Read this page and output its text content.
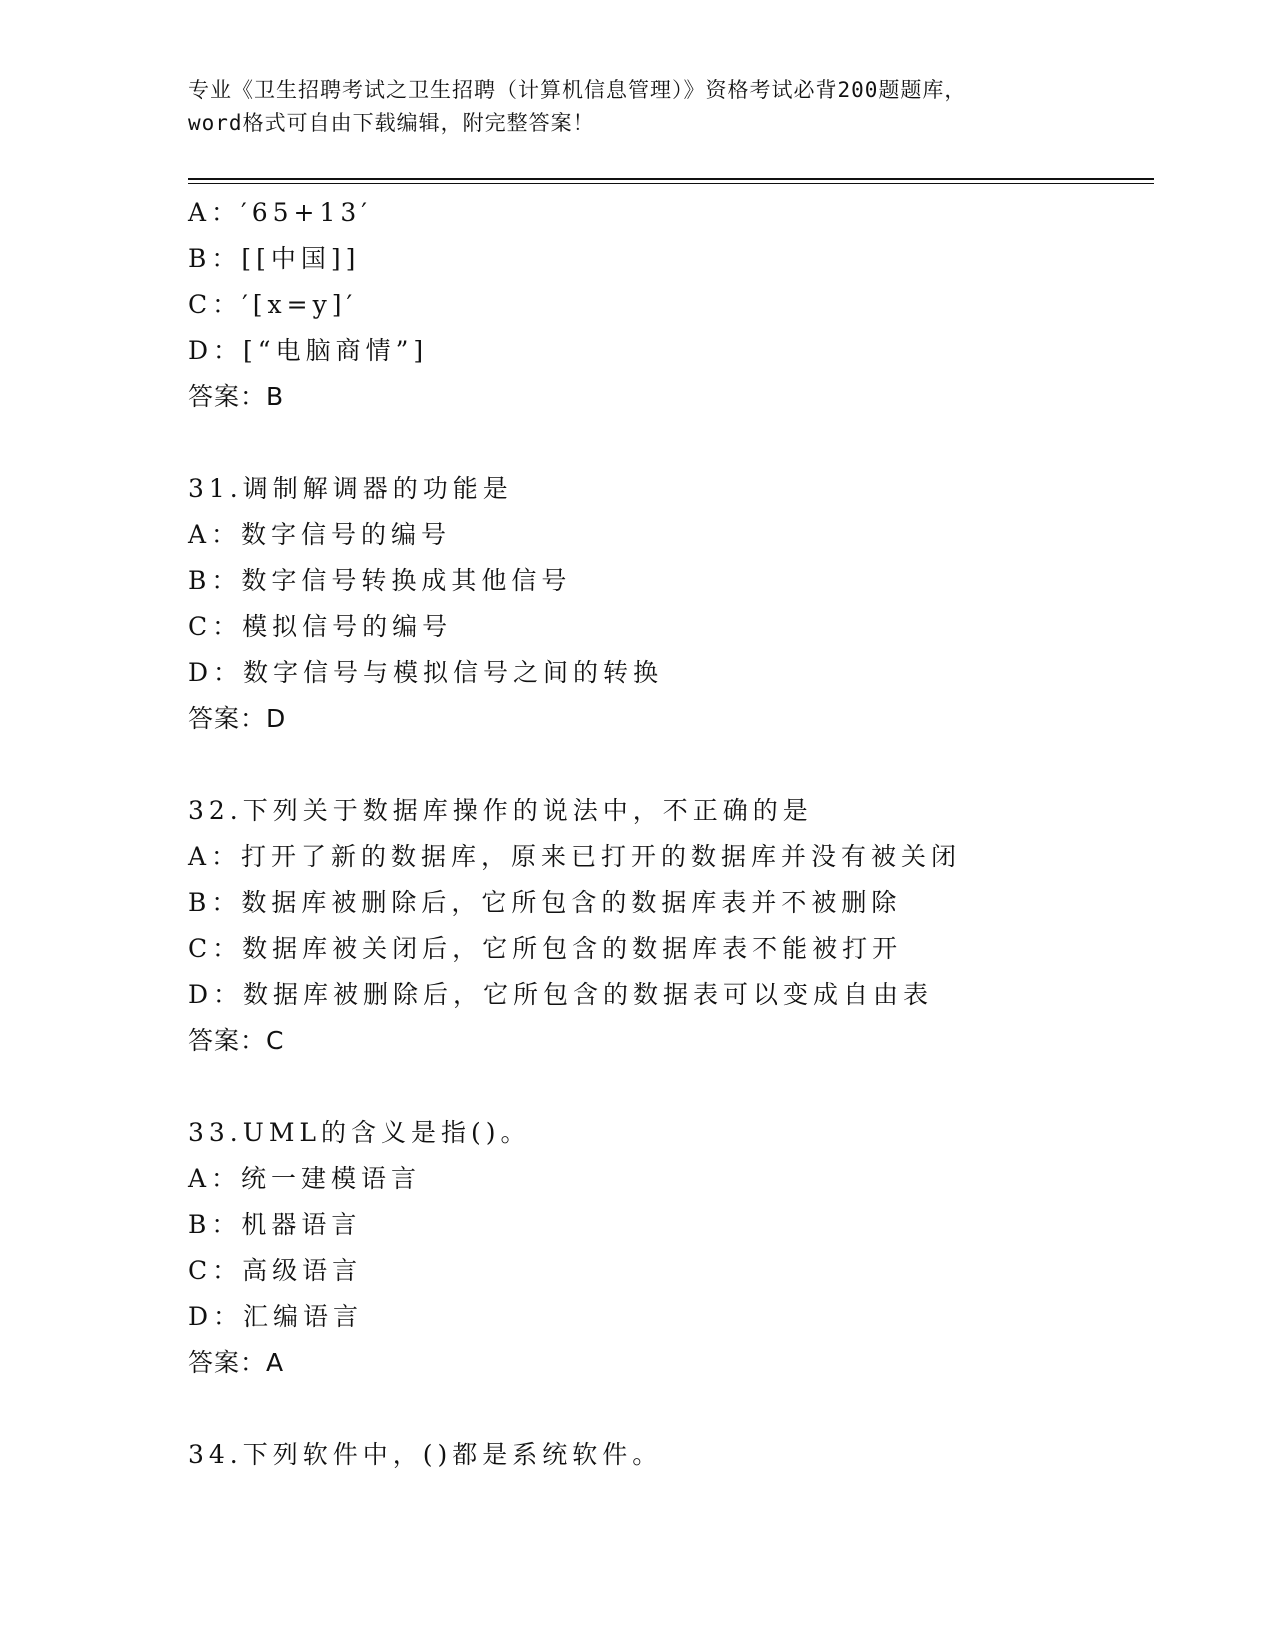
专业《卫生招聘考试之卫生招聘（计算机信息管理）》资格考试必背200题题库，
word格式可自由下载编辑，附完整答案！
A：′65+13′
B：[[中国]]
C：′[x=y]′
D：[“电脑商情”]
答案：B
31.调制解调器的功能是
A：数字信号的编号
B：数字信号转换成其他信号
C：模拟信号的编号
D：数字信号与模拟信号之间的转换
答案：D
32.下列关于数据库操作的说法中，不正确的是
A：打开了新的数据库，原来已打开的数据库并没有被关闭
B：数据库被删除后，它所包含的数据库表并不被删除
C：数据库被关闭后，它所包含的数据库表不能被打开
D：数据库被删除后，它所包含的数据表可以变成自由表
答案：C
33.UML的含义是指()。
A：统一建模语言
B：机器语言
C：高级语言
D：汇编语言
答案：A
34.下列软件中，()都是系统软件。
